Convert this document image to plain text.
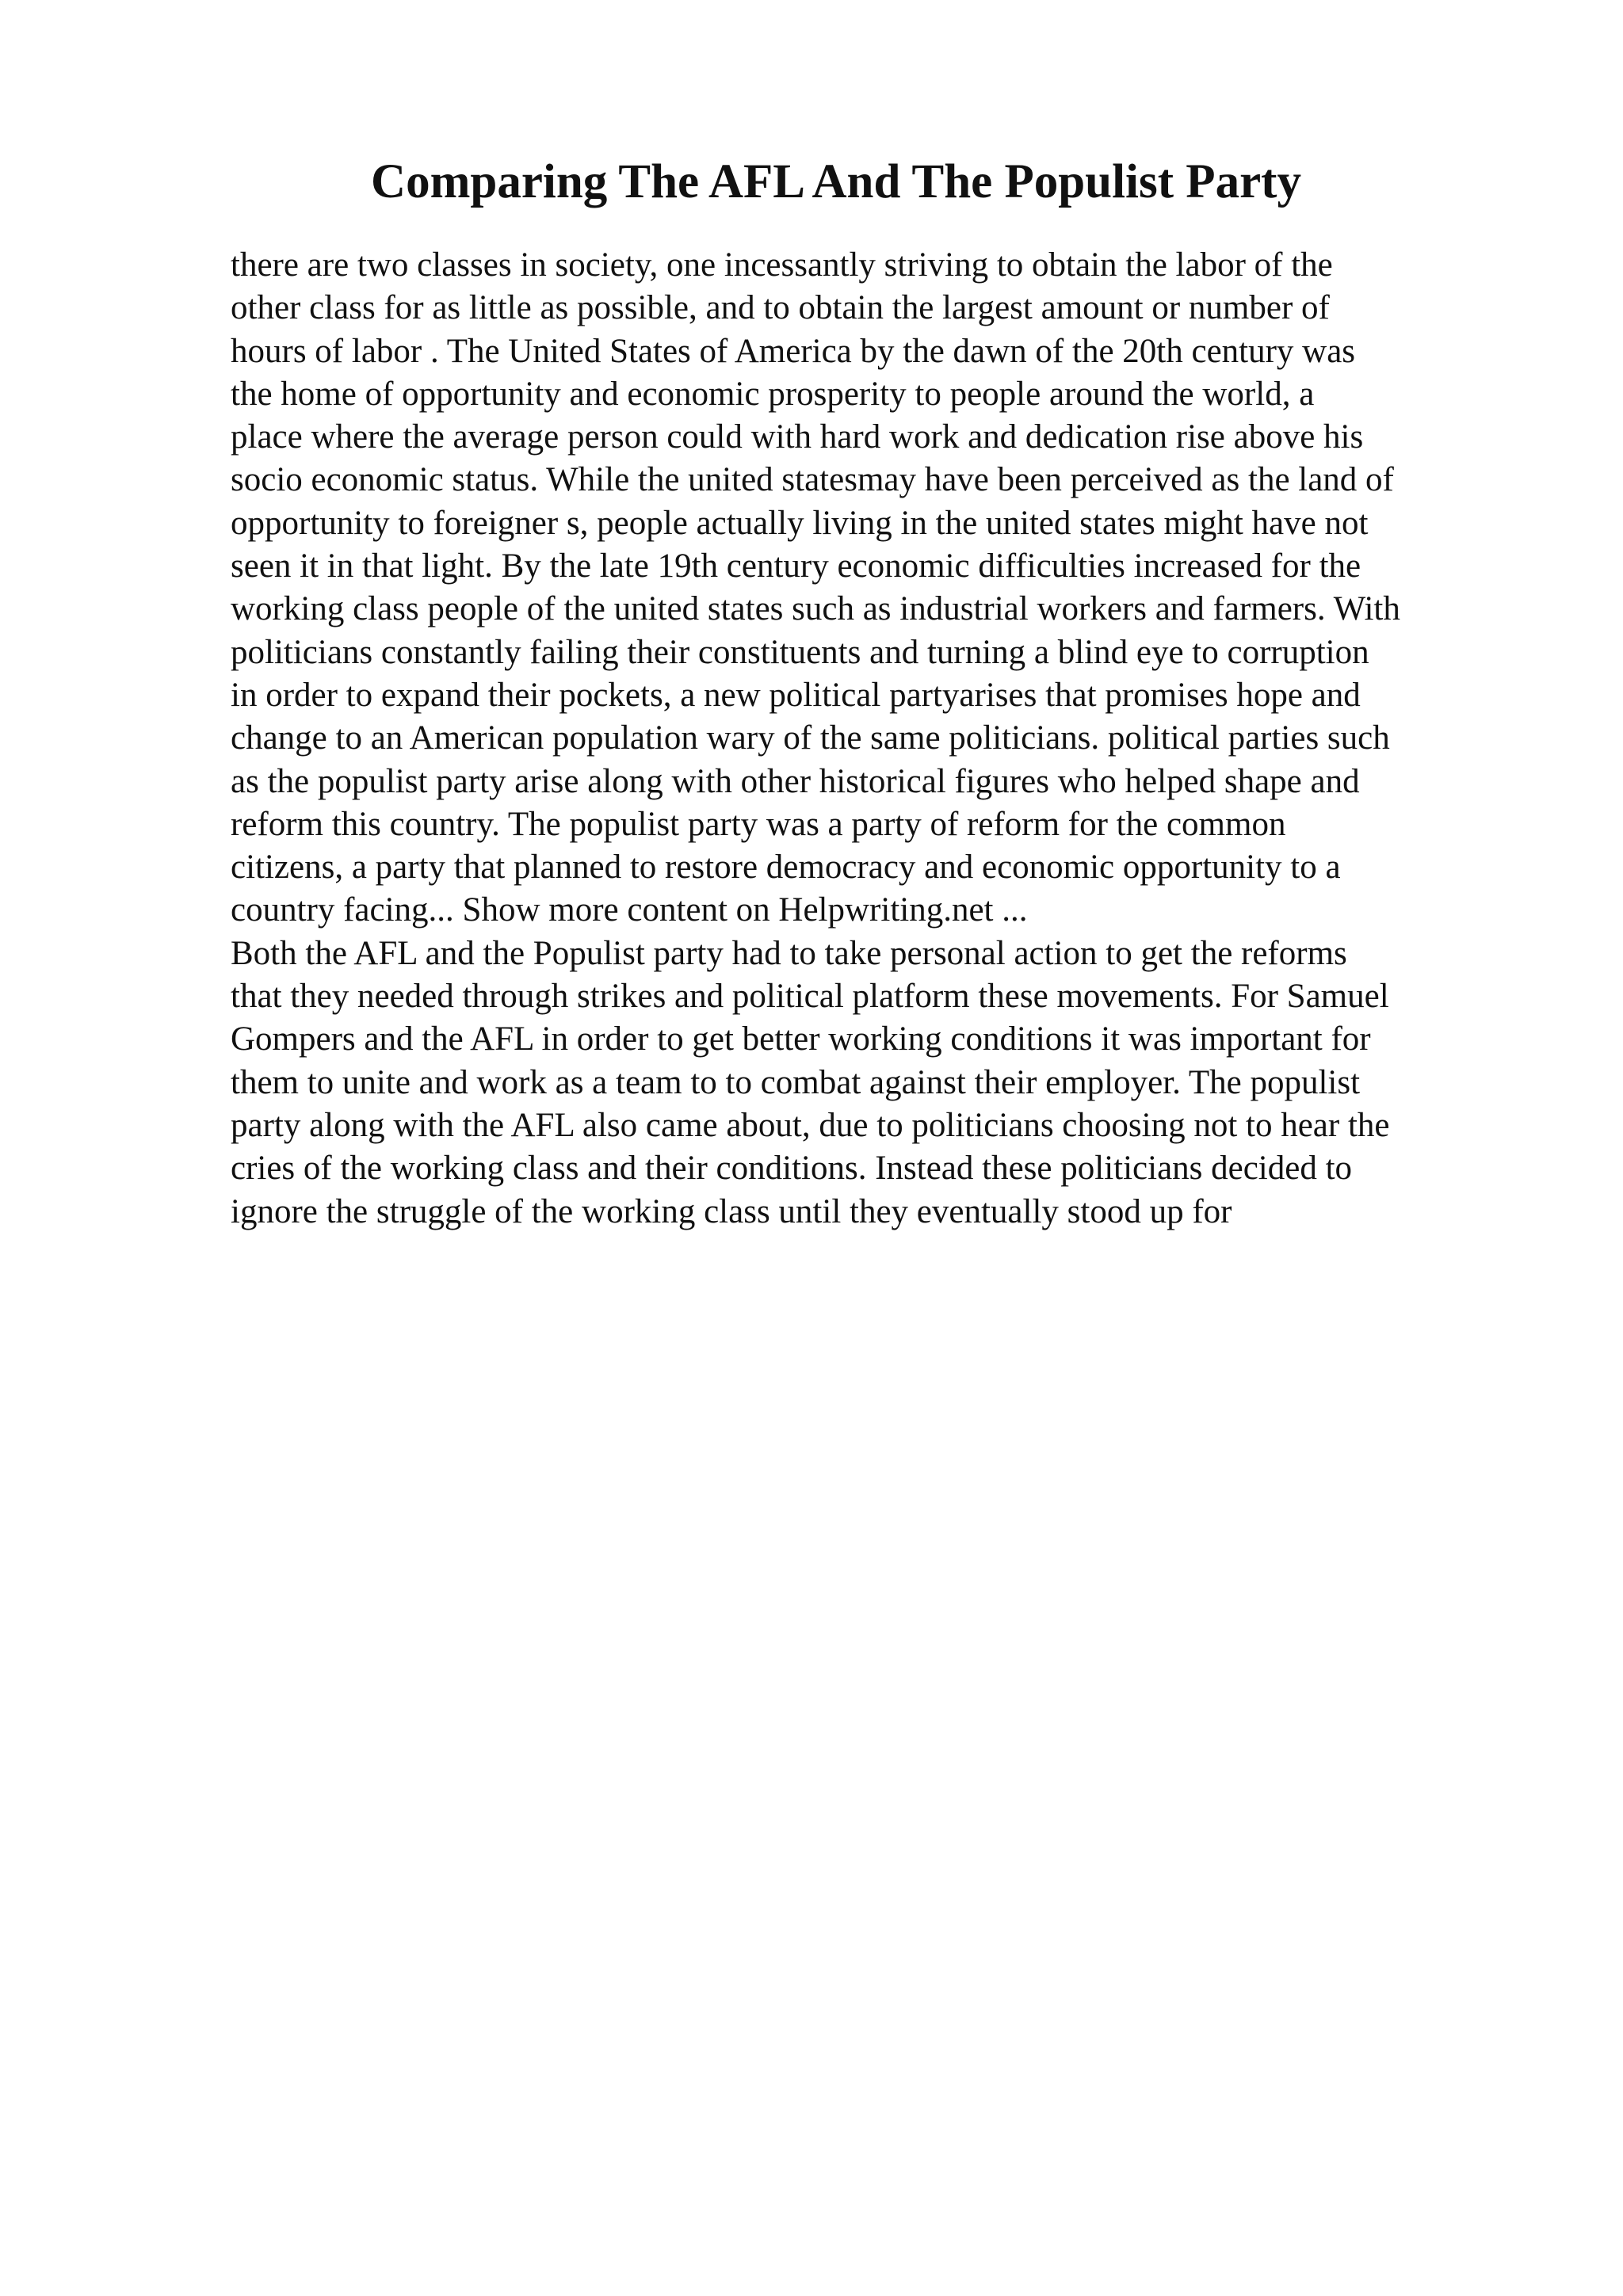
Comparing The AFL And The Populist Party

there are two classes in society, one incessantly striving to obtain the labor of the
other class for as little as possible, and to obtain the largest amount or number of
hours of labor . The United States of America by the dawn of the 20th century was
the home of opportunity and economic prosperity to people around the world, a
place where the average person could with hard work and dedication rise above his
socio economic status. While the united statesmay have been perceived as the land of
opportunity to foreigner s, people actually living in the united states might have not
seen it in that light. By the late 19th century economic difficulties increased for the
working class people of the united states such as industrial workers and farmers. With
politicians constantly failing their constituents and turning a blind eye to corruption
in order to expand their pockets, a new political partyarises that promises hope and
change to an American population wary of the same politicians. political parties such
as the populist party arise along with other historical figures who helped shape and
reform this country. The populist party was a party of reform for the common
citizens, a party that planned to restore democracy and economic opportunity to a
country facing... Show more content on Helpwriting.net ...

Both the AFL and the Populist party had to take personal action to get the reforms
that they needed through strikes and political platform these movements. For Samuel
Gompers and the AFL in order to get better working conditions it was important for
them to unite and work as a team to to combat against their employer. The populist
party along with the AFL also came about, due to politicians choosing not to hear the
cries of the working class and their conditions. Instead these politicians decided to
ignore the struggle of the working class until they eventually stood up for
